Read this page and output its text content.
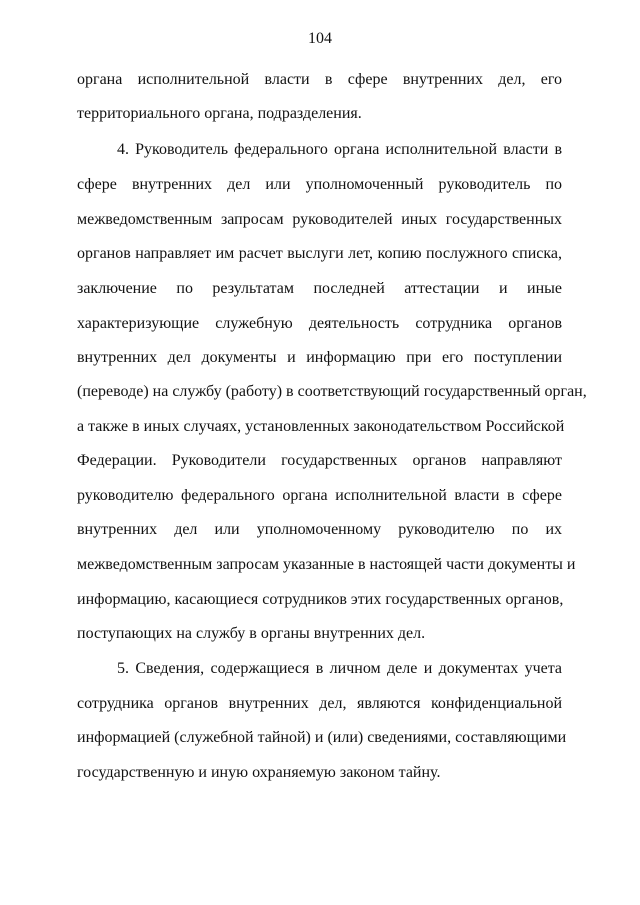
104
органа исполнительной власти в сфере внутренних дел, его
территориального органа, подразделения.
4. Руководитель федерального органа исполнительной власти в
сфере внутренних дел или уполномоченный руководитель по
межведомственным запросам руководителей иных государственных
органов направляет им расчет выслуги лет, копию послужного списка,
заключение по результатам последней аттестации и иные
характеризующие служебную деятельность сотрудника органов
внутренних дел документы и информацию при его поступлении
(переводе) на службу (работу) в соответствующий государственный орган,
а также в иных случаях, установленных законодательством Российской
Федерации. Руководители государственных органов направляют
руководителю федерального органа исполнительной власти в сфере
внутренних дел или уполномоченному руководителю по их
межведомственным запросам указанные в настоящей части документы и
информацию, касающиеся сотрудников этих государственных органов,
поступающих на службу в органы внутренних дел.
5. Сведения, содержащиеся в личном деле и документах учета
сотрудника органов внутренних дел, являются конфиденциальной
информацией (служебной тайной) и (или) сведениями, составляющими
государственную и иную охраняемую законом тайну.
